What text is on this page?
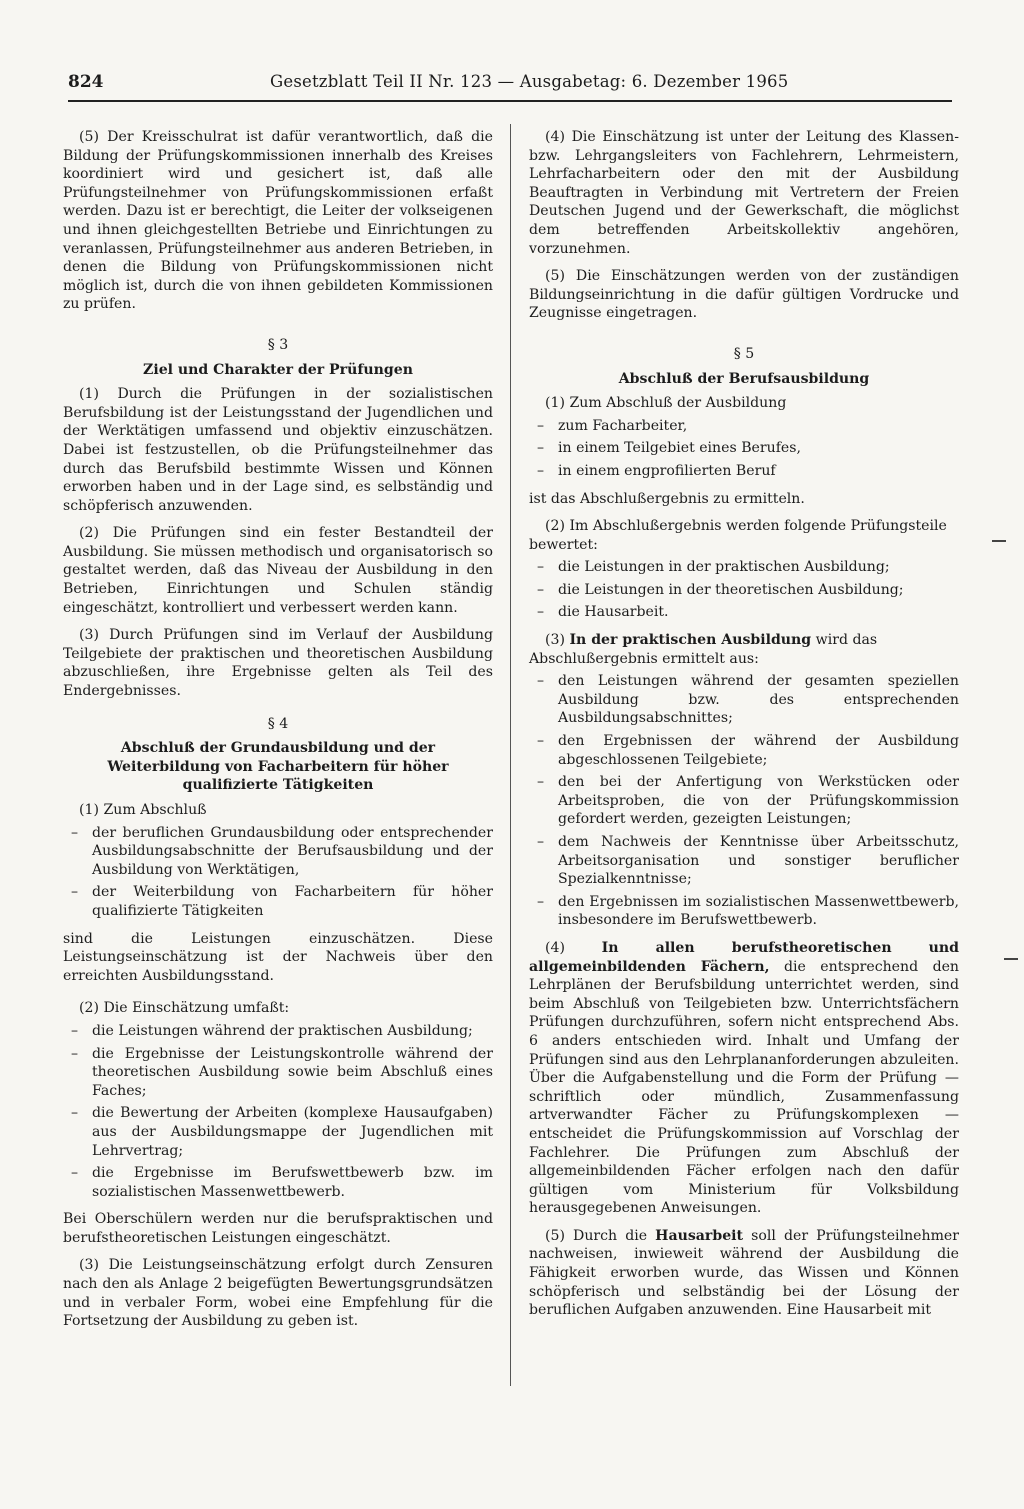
824	Gesetzblatt Teil II Nr. 123 — Ausgabetag: 6. Dezember 1965

(5) Der Kreisschulrat ist dafür verantwortlich, daß die Bildung der Prüfungskommissionen innerhalb des Kreises koordiniert wird und gesichert ist, daß alle Prüfungsteilnehmer von Prüfungskommissionen erfaßt werden. Dazu ist er berechtigt, die Leiter der volkseigenen und ihnen gleichgestellten Betriebe und Einrichtungen zu veranlassen, Prüfungsteilnehmer aus anderen Betrieben, in denen die Bildung von Prüfungskommissionen nicht möglich ist, durch die von ihnen gebildeten Kommissionen zu prüfen.

§ 3
Ziel und Charakter der Prüfungen

(1) Durch die Prüfungen in der sozialistischen Berufsbildung ist der Leistungsstand der Jugendlichen und der Werktätigen umfassend und objektiv einzuschätzen. Dabei ist festzustellen, ob die Prüfungsteilnehmer das durch das Berufsbild bestimmte Wissen und Können erworben haben und in der Lage sind, es selbständig und schöpferisch anzuwenden.

(2) Die Prüfungen sind ein fester Bestandteil der Ausbildung. Sie müssen methodisch und organisatorisch so gestaltet werden, daß das Niveau der Ausbildung in den Betrieben, Einrichtungen und Schulen ständig eingeschätzt, kontrolliert und verbessert werden kann.

(3) Durch Prüfungen sind im Verlauf der Ausbildung Teilgebiete der praktischen und theoretischen Ausbildung abzuschließen, ihre Ergebnisse gelten als Teil des Endergebnisses.

§ 4
Abschluß der Grundausbildung und der Weiterbildung von Facharbeitern für höher qualifizierte Tätigkeiten

(1) Zum Abschluß

– der beruflichen Grundausbildung oder entsprechender Ausbildungsabschnitte der Berufsausbildung und der Ausbildung von Werktätigen,
– der Weiterbildung von Facharbeitern für höher qualifizierte Tätigkeiten

sind die Leistungen einzuschätzen. Diese Leistungseinschätzung ist der Nachweis über den erreichten Ausbildungsstand.

(2) Die Einschätzung umfaßt:

– die Leistungen während der praktischen Ausbildung;
– die Ergebnisse der Leistungskontrolle während der theoretischen Ausbildung sowie beim Abschluß eines Faches;
– die Bewertung der Arbeiten (komplexe Hausaufgaben) aus der Ausbildungsmappe der Jugendlichen mit Lehrvertrag;
– die Ergebnisse im Berufswettbewerb bzw. im sozialistischen Massenwettbewerb.

Bei Oberschülern werden nur die berufspraktischen und berufstheoretischen Leistungen eingeschätzt.

(3) Die Leistungseinschätzung erfolgt durch Zensuren nach den als Anlage 2 beigefügten Bewertungsgrundsätzen und in verbaler Form, wobei eine Empfehlung für die Fortsetzung der Ausbildung zu geben ist.

(4) Die Einschätzung ist unter der Leitung des Klassen- bzw. Lehrgangsleiters von Fachlehrern, Lehrmeistern, Lehrfacharbeitern oder den mit der Ausbildung Beauftragten in Verbindung mit Vertretern der Freien Deutschen Jugend und der Gewerkschaft, die möglichst dem betreffenden Arbeitskollektiv angehören, vorzunehmen.

(5) Die Einschätzungen werden von der zuständigen Bildungseinrichtung in die dafür gültigen Vordrucke und Zeugnisse eingetragen.

§ 5
Abschluß der Berufsausbildung

(1) Zum Abschluß der Ausbildung

– zum Facharbeiter,
– in einem Teilgebiet eines Berufes,
– in einem engprofilierten Beruf

ist das Abschlußergebnis zu ermitteln.

(2) Im Abschlußergebnis werden folgende Prüfungsteile bewertet:

– die Leistungen in der praktischen Ausbildung;
– die Leistungen in der theoretischen Ausbildung;
– die Hausarbeit.

(3) In der praktischen Ausbildung wird das Abschlußergebnis ermittelt aus:

– den Leistungen während der gesamten speziellen Ausbildung bzw. des entsprechenden Ausbildungsabschnittes;
– den Ergebnissen der während der Ausbildung abgeschlossenen Teilgebiete;
– den bei der Anfertigung von Werkstücken oder Arbeitsproben, die von der Prüfungskommission gefordert werden, gezeigten Leistungen;
– dem Nachweis der Kenntnisse über Arbeitsschutz, Arbeitsorganisation und sonstiger beruflicher Spezialkenntnisse;
– den Ergebnissen im sozialistischen Massenwettbewerb, insbesondere im Berufswettbewerb.

(4)	In allen berufstheoretischen und allgemeinbildenden Fächern, die entsprechend den Lehrplänen der Berufsbildung unterrichtet werden, sind beim Abschluß von Teilgebieten bzw. Unterrichtsfächern Prüfungen durchzuführen, sofern nicht entsprechend Abs. 6 anders entschieden wird. Inhalt und Umfang der Prüfungen sind aus den Lehrplananforderungen abzuleiten. Über die Aufgabenstellung und die Form der Prüfung — schriftlich oder mündlich, Zusammenfassung artverwandter Fächer zu Prüfungskomplexen — entscheidet die Prüfungskommission auf Vorschlag der Fachlehrer. Die Prüfungen zum Abschluß der allgemeinbildenden Fächer erfolgen nach den dafür gültigen vom Ministerium für Volksbildung herausgegebenen Anweisungen.

(5) Durch die Hausarbeit soll der Prüfungsteilnehmer nachweisen, inwieweit während der Ausbildung die Fähigkeit erworben wurde, das Wissen und Können schöpferisch und selbständig bei der Lösung der beruflichen Aufgaben anzuwenden. Eine Hausarbeit mit
